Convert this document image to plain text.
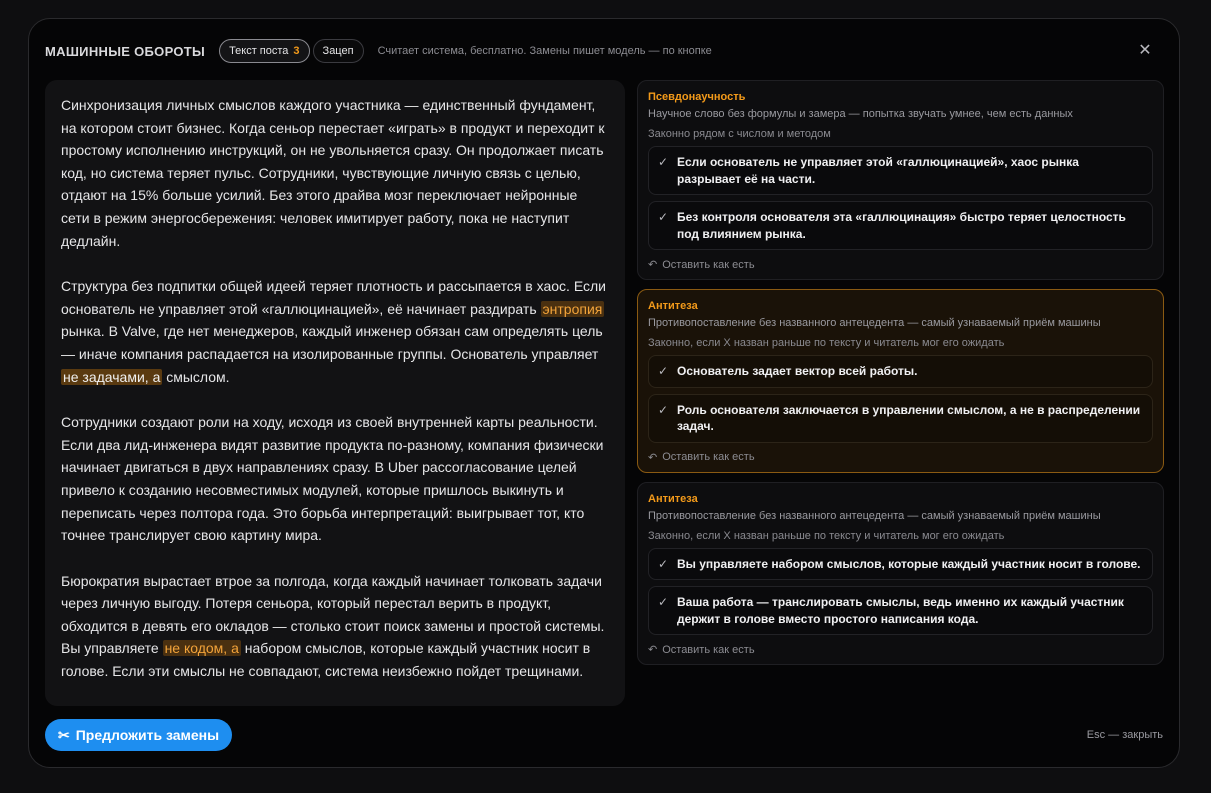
МАШИННЫЕ ОБОРОТЫ Текст поста 3 Зацеп Считает система, бесплатно. Замены пишет модель — по кнопке	✕

Синхронизация личных смыслов каждого участника — единственный фундамент, на котором стоит бизнес. Когда сеньор перестает «играть» в продукт и переходит к простому исполнению инструкций, он не увольняется сразу. Он продолжает писать код, но система теряет пульс. Сотрудники, чувствующие личную связь с целью, отдают на 15% больше усилий. Без этого драйва мозг переключает нейронные сети в режим энергосбережения: человек имитирует работу, пока не наступит дедлайн.

Структура без подпитки общей идеей теряет плотность и рассыпается в хаос. Если основатель не управляет этой «галлюцинацией», её начинает раздирать энтропия рынка. В Valve, где нет менеджеров, каждый инженер обязан сам определять цель — иначе компания распадается на изолированные группы. Основатель управляет не задачами, а смыслом.

Сотрудники создают роли на ходу, исходя из своей внутренней карты реальности. Если два лид-инженера видят развитие продукта по-разному, компания физически начинает двигаться в двух направлениях сразу. В Uber рассогласование целей привело к созданию несовместимых модулей, которые пришлось выкинуть и переписать через полтора года. Это борьба интерпретаций: выигрывает тот, кто точнее транслирует свою картину мира.

Бюрократия вырастает втрое за полгода, когда каждый начинает толковать задачи через личную выгоду. Потеря сеньора, который перестал верить в продукт, обходится в девять его окладов — столько стоит поиск замены и простой системы. Вы управляете не кодом, а набором смыслов, которые каждый участник носит в голове. Если эти смыслы не совпадают, система неизбежно пойдет трещинами.

Псевдонаучность
Научное слово без формулы и замера — попытка звучать умнее, чем есть данных
Законно рядом с числом и методом
✓ Если основатель не управляет этой «галлюцинацией», хаос рынка разрывает её на части.
✓ Без контроля основателя эта «галлюцинация» быстро теряет целостность под влиянием рынка.
↶ Оставить как есть
Антитеза
Противопоставление без названного антецедента — самый узнаваемый приём машины
Законно, если X назван раньше по тексту и читатель мог его ожидать
✓ Основатель задает вектор всей работы.
✓ Роль основателя заключается в управлении смыслом, а не в распределении задач.
↶ Оставить как есть
Антитеза
Противопоставление без названного антецедента — самый узнаваемый приём машины
Законно, если X назван раньше по тексту и читатель мог его ожидать
✓ Вы управляете набором смыслов, которые каждый участник носит в голове.
✓ Ваша работа — транслировать смыслы, ведь именно их каждый участник держит в голове вместо простого написания кода.
↶ Оставить как есть
✂ Предложить замены	Esc — закрыть
